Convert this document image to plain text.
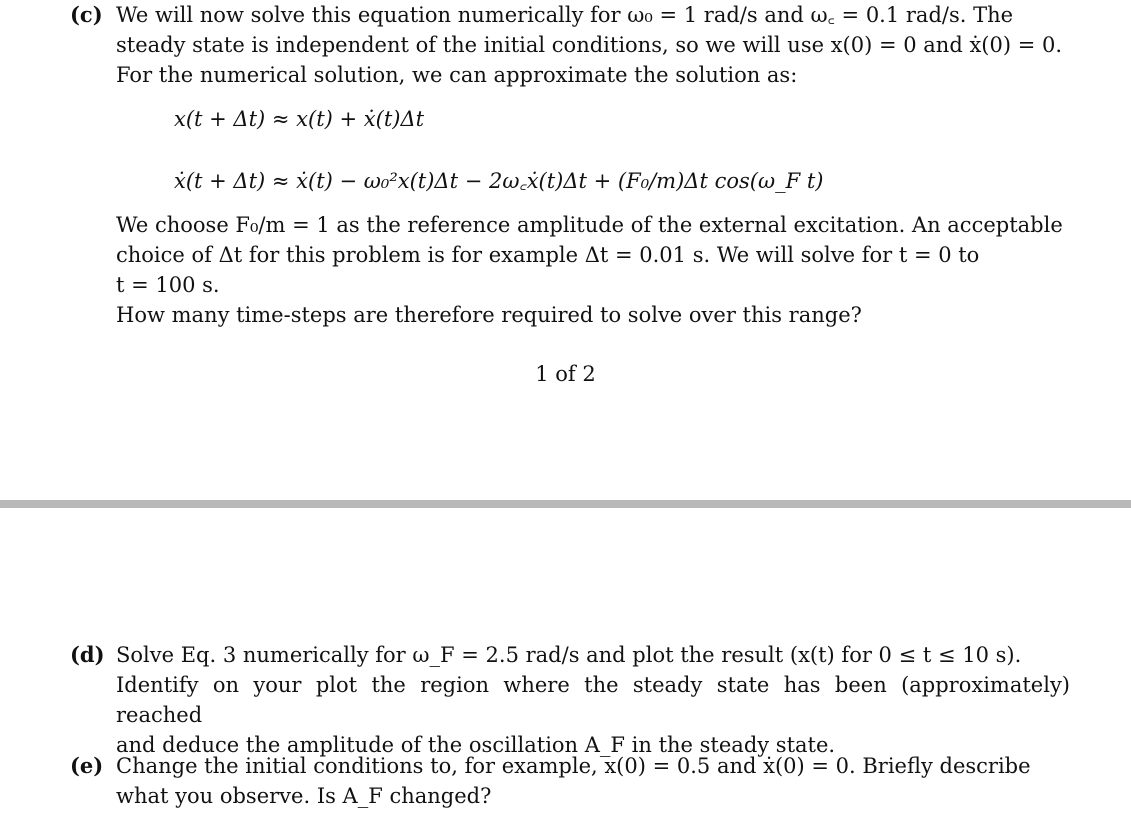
(c) We will now solve this equation numerically for ω₀ = 1 rad/s and ω꜀ = 0.1 rad/s. The

steady state is independent of the initial conditions, so we will use x(0) = 0 and ẋ(0) = 0.

For the numerical solution, we can approximate the solution as:

x(t + Δt) ≈ x(t) + ẋ(t)Δt

ẋ(t + Δt) ≈ ẋ(t) − ω₀²x(t)Δt − 2ω꜀ẋ(t)Δt + (F₀/m)Δt cos(ω_F t)

We choose F₀/m = 1 as the reference amplitude of the external excitation. An acceptable

choice of Δt for this problem is for example Δt = 0.01 s. We will solve for t = 0 to

t = 100 s.

How many time-steps are therefore required to solve over this range?

1 of 2
(d) Solve Eq. 3 numerically for ω_F = 2.5 rad/s and plot the result (x(t) for 0 ≤ t ≤ 10 s).

Identify on your plot the region where the steady state has been (approximately) reached

and deduce the amplitude of the oscillation A_F in the steady state.

(e) Change the initial conditions to, for example, x(0) = 0.5 and ẋ(0) = 0. Briefly describe

what you observe. Is A_F changed?
